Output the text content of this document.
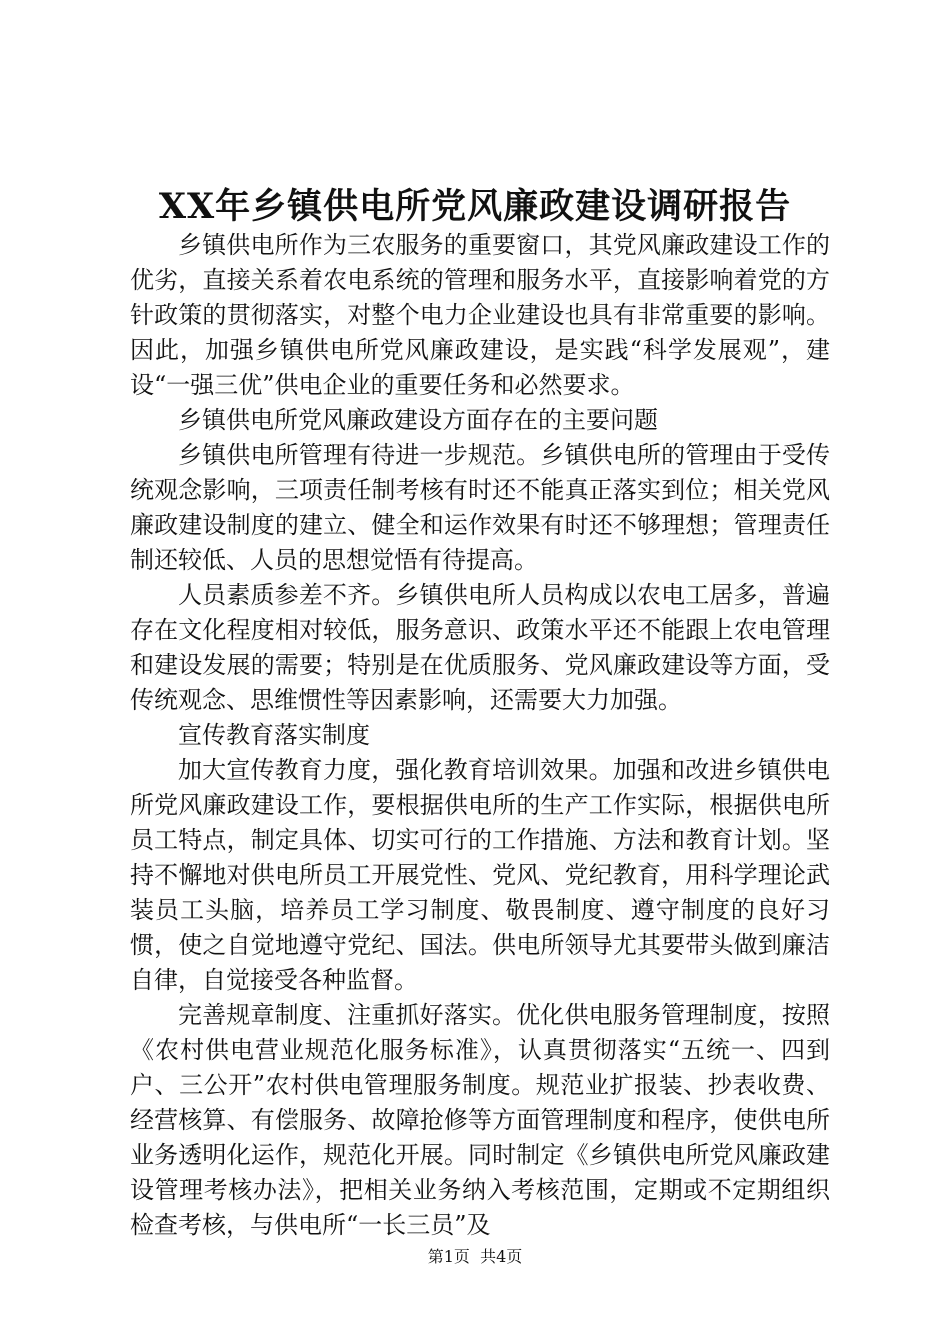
XX年乡镇供电所党风廉政建设调研报告

乡镇供电所作为三农服务的重要窗口，其党风廉政建设工作的优劣，直接关系着农电系统的管理和服务水平，直接影响着党的方针政策的贯彻落实，对整个电力企业建设也具有非常重要的影响。因此，加强乡镇供电所党风廉政建设，是实践“科学发展观”，建设“一强三优”供电企业的重要任务和必然要求。

乡镇供电所党风廉政建设方面存在的主要问题

乡镇供电所管理有待进一步规范。乡镇供电所的管理由于受传统观念影响，三项责任制考核有时还不能真正落实到位；相关党风廉政建设制度的建立、健全和运作效果有时还不够理想；管理责任制还较低、人员的思想觉悟有待提高。

人员素质参差不齐。乡镇供电所人员构成以农电工居多，普遍存在文化程度相对较低，服务意识、政策水平还不能跟上农电管理和建设发展的需要；特别是在优质服务、党风廉政建设等方面，受传统观念、思维惯性等因素影响，还需要大力加强。

宣传教育落实制度

加大宣传教育力度，强化教育培训效果。加强和改进乡镇供电所党风廉政建设工作，要根据供电所的生产工作实际，根据供电所员工特点，制定具体、切实可行的工作措施、方法和教育计划。坚持不懈地对供电所员工开展党性、党风、党纪教育，用科学理论武装员工头脑，培养员工学习制度、敬畏制度、遵守制度的良好习惯，使之自觉地遵守党纪、国法。供电所领导尤其要带头做到廉洁自律，自觉接受各种监督。

完善规章制度、注重抓好落实。优化供电服务管理制度，按照《农村供电营业规范化服务标准》，认真贯彻落实“五统一、四到户、三公开”农村供电管理服务制度。规范业扩报装、抄表收费、经营核算、有偿服务、故障抢修等方面管理制度和程序，使供电所业务透明化运作，规范化开展。同时制定《乡镇供电所党风廉政建设管理考核办法》，把相关业务纳入考核范围，定期或不定期组织检查考核，与供电所“一长三员”及

第1页  共4页
